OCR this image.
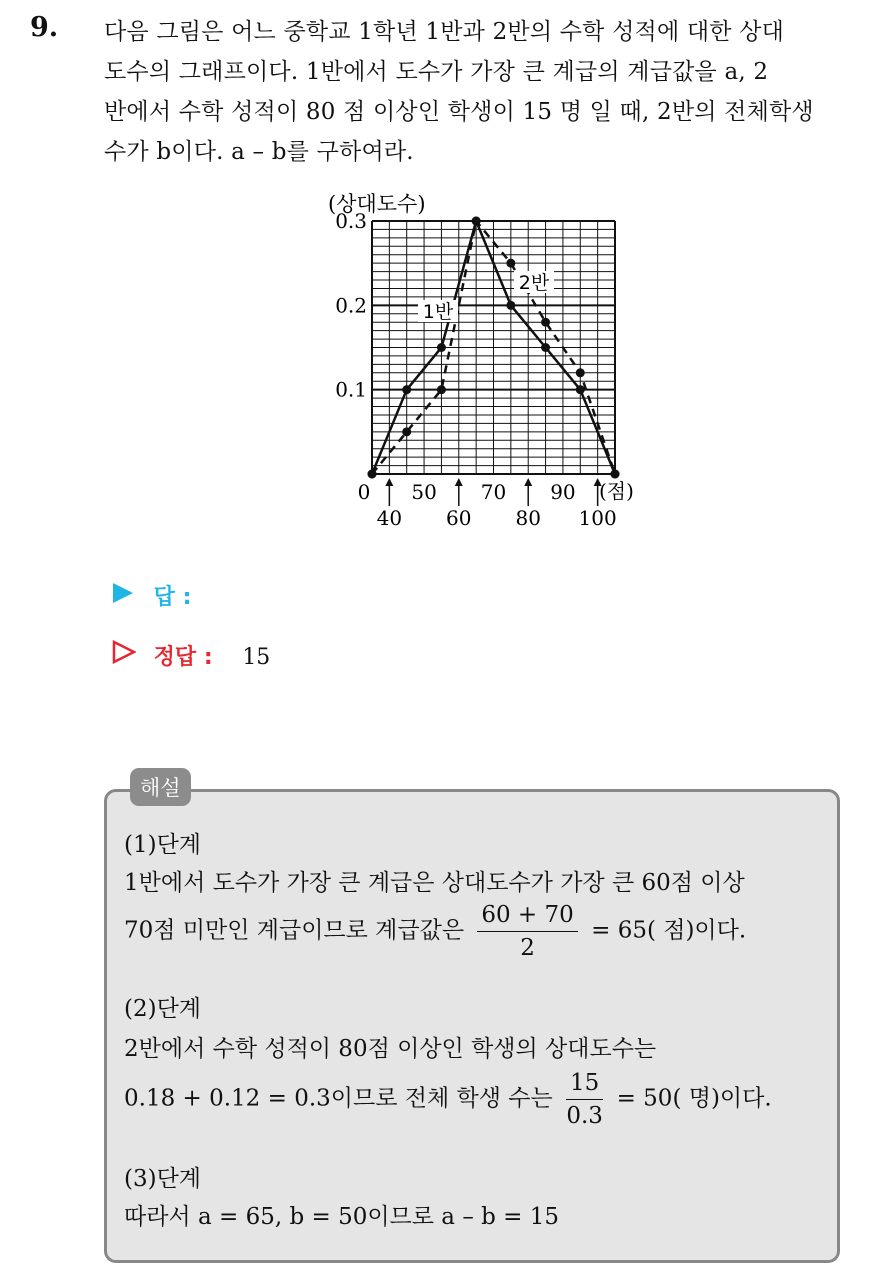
9. 다음 그림은 어느 중학교 1학년 1반과 2반의 수학 성적에 대한 상대

도수의 그래프이다. 1반에서 도수가 가장 큰 계급의 계급값을 a, 2

반에서 수학 성적이 80 점 이상인 학생이 15 명 일 때, 2반의 전체학생

수가 b이다. a – b를 구하여라.

(상대도수)
0.1
0.2
0.3
0 50 70 90
40 60 80 100
(점)
1반
2반
답 :
정답 : 15
해설
(1)단계
1반에서 도수가 가장 큰 계급은 상대도수가 가장 큰 60점 이상
70점 미만인 계급이므로 계급값은 $\frac{60 + 70}{2} = 65$( 점)이다.
(2)단계
2반에서 수학 성적이 80점 이상인 학생의 상대도수는
0.18 + 0.12 = 0.3이므로 전체 학생 수는 $\frac{15}{0.3} = 50$( 명)이다.
(3)단계
따라서 a = 65, b = 50이므로 a – b = 15
